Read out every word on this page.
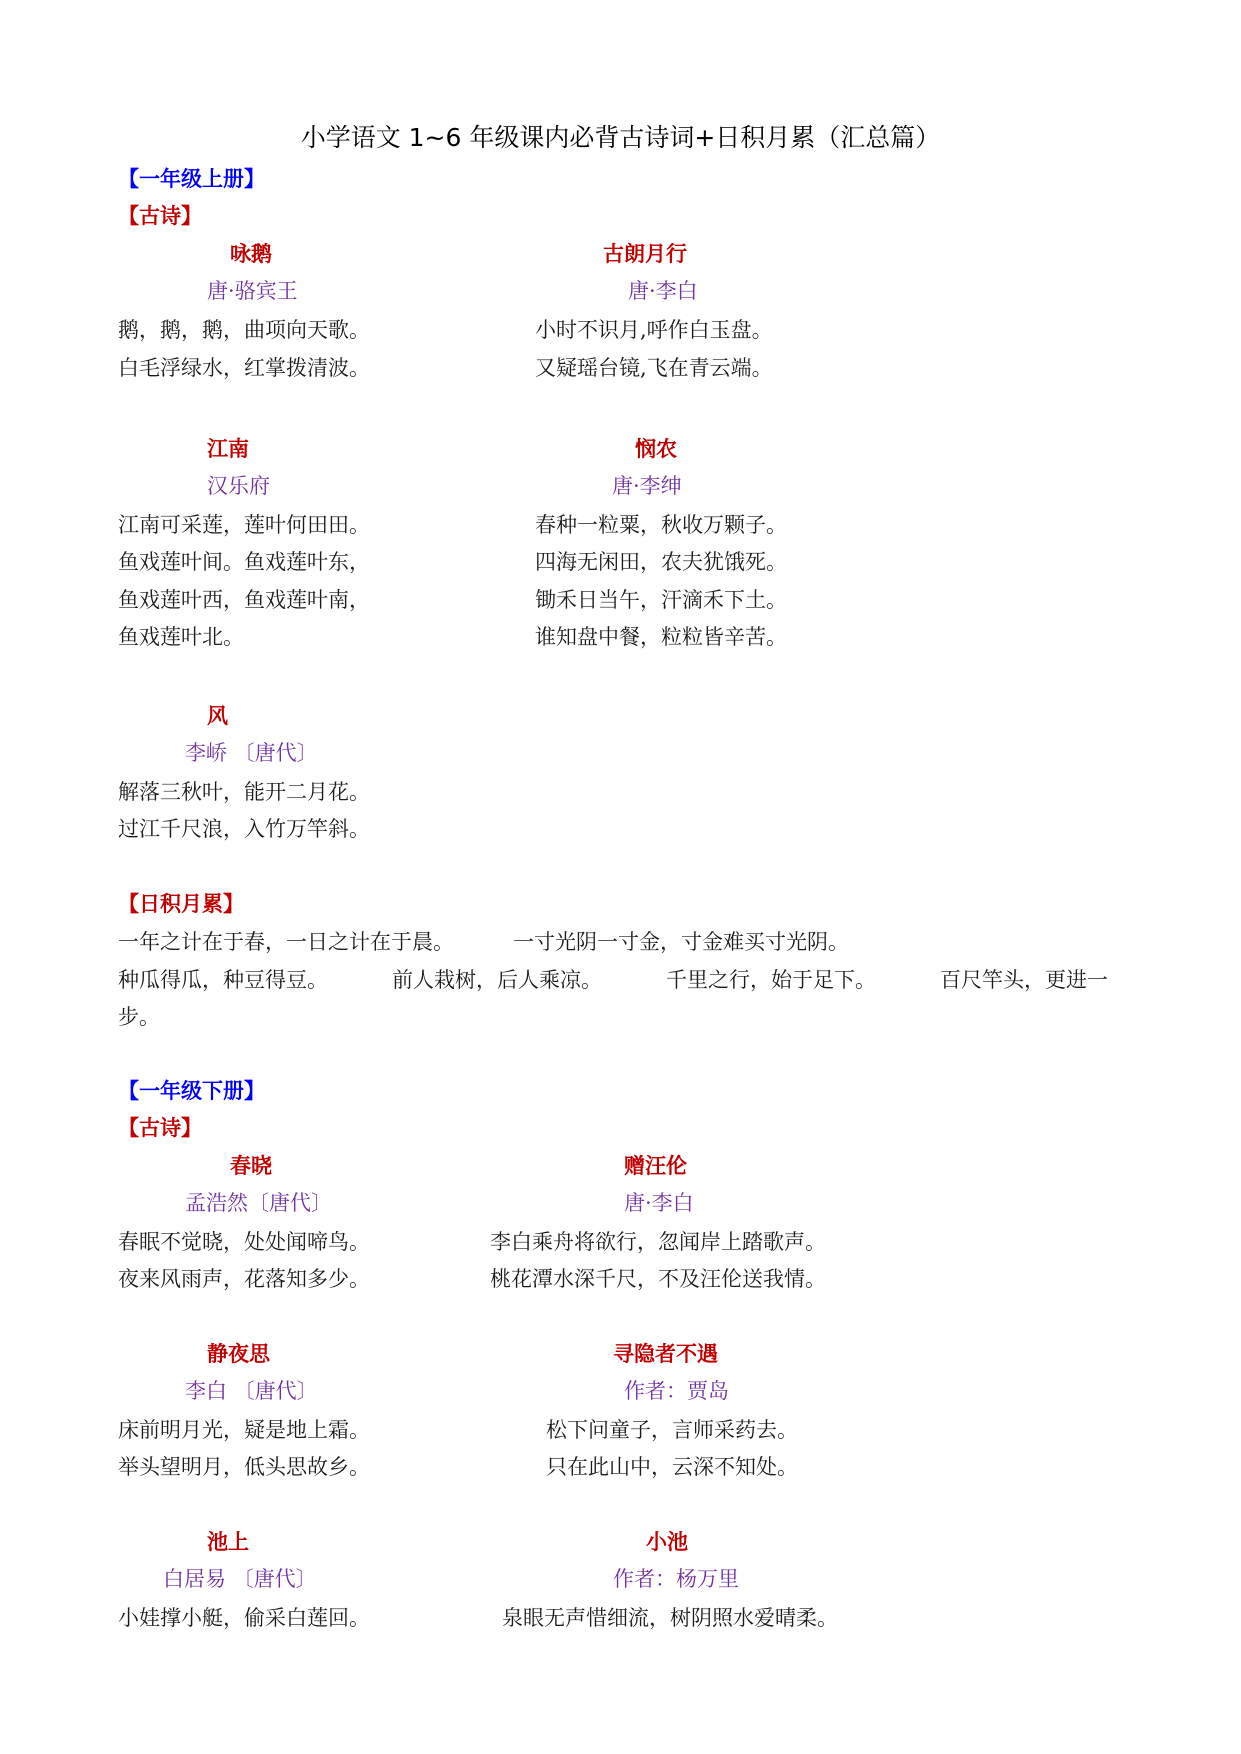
小学语文 1~6 年级课内必背古诗词+日积月累（汇总篇）
【一年级上册】
【古诗】
咏鹅
唐·骆宾王
鹅，鹅，鹅，曲项向天歌。
白毛浮绿水，红掌拨清波。
古朗月行
唐·李白
小时不识月,呼作白玉盘。
又疑瑶台镜,飞在青云端。
江南
汉乐府
江南可采莲，莲叶何田田。
鱼戏莲叶间。鱼戏莲叶东，
鱼戏莲叶西，鱼戏莲叶南，
鱼戏莲叶北。
悯农
唐·李绅
春种一粒粟，秋收万颗子。
四海无闲田，农夫犹饿死。
锄禾日当午，汗滴禾下土。
谁知盘中餐，粒粒皆辛苦。
风
李峤 〔唐代〕
解落三秋叶，能开二月花。
过江千尺浪，入竹万竿斜。
【日积月累】
一年之计在于春，一日之计在于晨。	一寸光阴一寸金，寸金难买寸光阴。
种瓜得瓜，种豆得豆。	前人栽树，后人乘凉。	千里之行，始于足下。	百尺竿头，更进一
步。
【一年级下册】
【古诗】
春晓
孟浩然〔唐代〕
春眠不觉晓，处处闻啼鸟。
夜来风雨声，花落知多少。
赠汪伦
唐·李白
李白乘舟将欲行，忽闻岸上踏歌声。
桃花潭水深千尺，不及汪伦送我情。
静夜思
李白 〔唐代〕
床前明月光，疑是地上霜。
举头望明月，低头思故乡。
寻隐者不遇
作者：贾岛
松下问童子，言师采药去。
只在此山中，云深不知处。
池上
白居易 〔唐代〕
小娃撑小艇，偷采白莲回。
小池
作者：杨万里
泉眼无声惜细流，树阴照水爱晴柔。
